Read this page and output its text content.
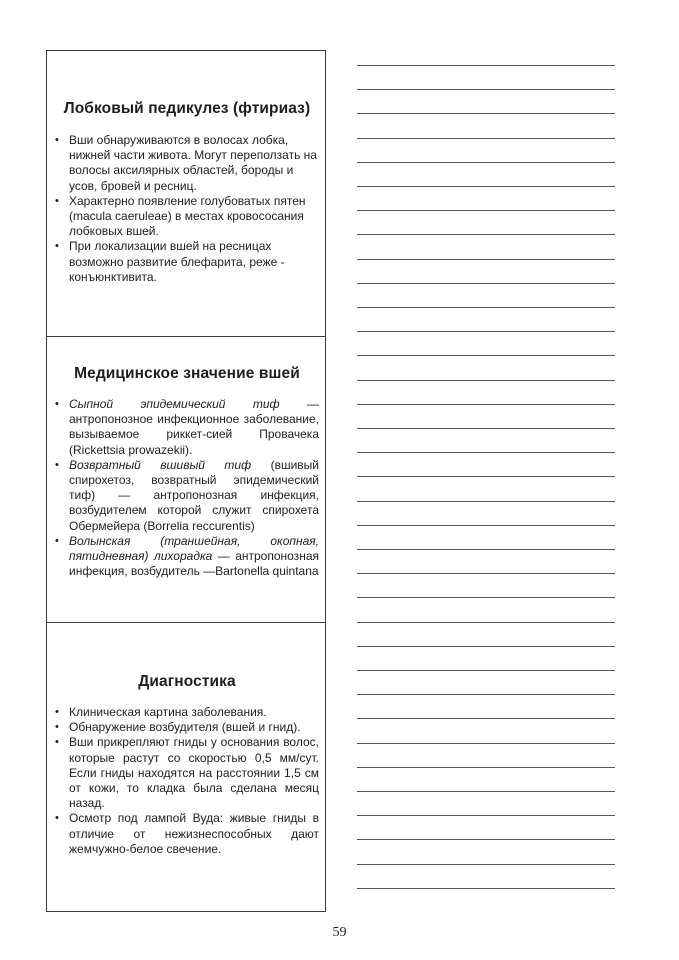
Лобковый педикулез (фтириаз)
• Вши обнаруживаются в волосах лобка, нижней части живота. Могут переползать на волосы аксилярных областей, бороды и усов, бровей и ресниц.
• Характерно появление голубоватых пятен (macula caeruleae) в местах кровососания лобковых вшей.
• При локализации вшей на ресницах возможно развитие блефарита, реже - конъюнктивита.
Медицинское значение вшей
• Сыпной эпидемический тиф — антропонозное инфекционное заболевание, вызываемое риккет-сией Провачека (Rickettsia prowazekii).
• Возвратный вшивый тиф (вшивый спирохетоз, возвратный эпидемический тиф) — антропонозная инфекция, возбудителем которой служит спирохета Обермейера (Borrelia reccurentis)
• Волынская (траншейная, окопная, пятидневная) лихорадка — антропонозная инфекция, возбудитель —Bartonella quintana
Диагностика
• Клиническая картина заболевания.
• Обнаружение возбудителя (вшей и гнид).
• Вши прикрепляют гниды у основания волос, которые растут со скоростью 0,5 мм/сут. Если гниды находятся на расстоянии 1,5 см от кожи, то кладка была сделана месяц назад.
• Осмотр под лампой Вуда: живые гниды в отличие от нежизнеспособных дают жемчужно-белое свечение.
59
